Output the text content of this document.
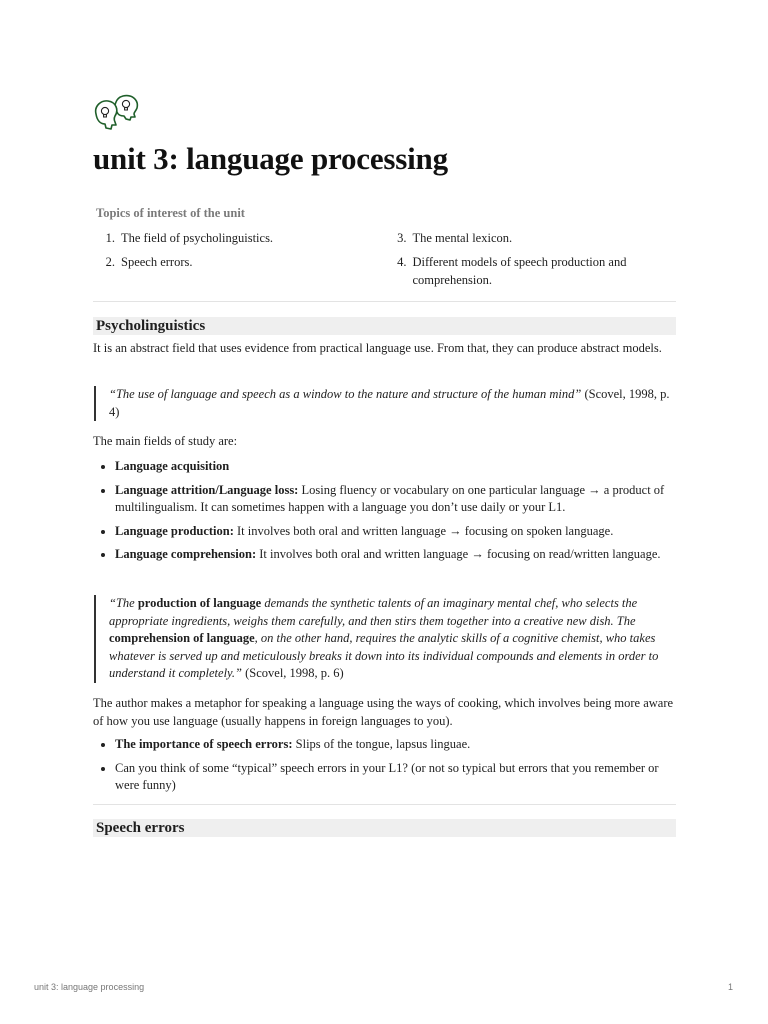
unit 3: language processing
Topics of interest of the unit
1. The field of psycholinguistics.
2. Speech errors.
3. The mental lexicon.
4. Different models of speech production and comprehension.
Psycholinguistics

It is an abstract field that uses evidence from practical language use. From that, they can produce abstract models.

“The use of language and speech as a window to the nature and structure of the human mind” (Scovel, 1998, p. 4)

The main fields of study are:

Language acquisition
Language attrition/Language loss: Losing fluency or vocabulary on one particular language → a product of multilingualism. It can sometimes happen with a language you don’t use daily or your L1.
Language production: It involves both oral and written language → focusing on spoken language.
Language comprehension: It involves both oral and written language → focusing on read/written language.
“The production of language demands the synthetic talents of an imaginary mental chef, who selects the appropriate ingredients, weighs them carefully, and then stirs them together into a creative new dish. The comprehension of language, on the other hand, requires the analytic skills of a cognitive chemist, who takes whatever is served up and meticulously breaks it down into its individual compounds and elements in order to understand it completely.” (Scovel, 1998, p. 6)

The author makes a metaphor for speaking a language using the ways of cooking, which involves being more aware of how you use language (usually happens in foreign languages to you).

The importance of speech errors: Slips of the tongue, lapsus linguae.
Can you think of some “typical” speech errors in your L1? (or not so typical but errors that you remember or were funny)
Speech errors
unit 3: language processing	1
